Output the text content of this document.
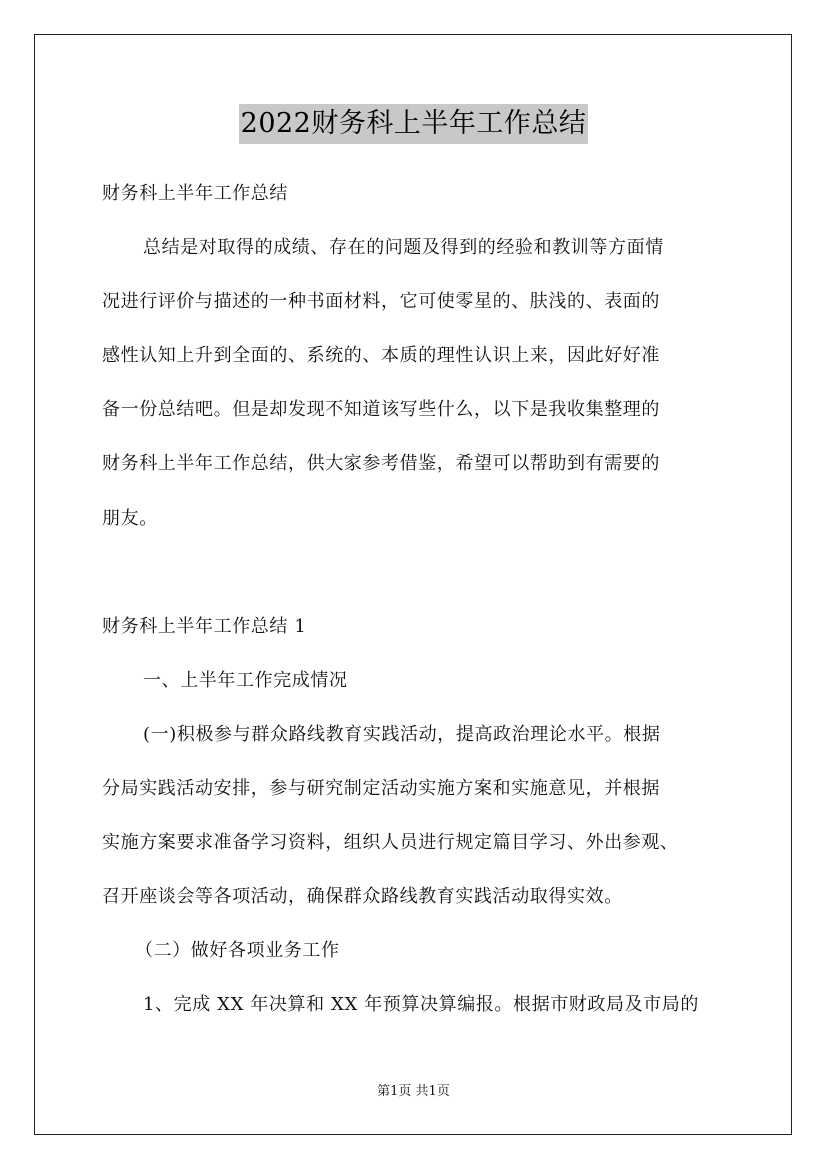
2022财务科上半年工作总结
财务科上半年工作总结
总结是对取得的成绩、存在的问题及得到的经验和教训等方面情
况进行评价与描述的一种书面材料，它可使零星的、肤浅的、表面的
感性认知上升到全面的、系统的、本质的理性认识上来，因此好好准
备一份总结吧。但是却发现不知道该写些什么，以下是我收集整理的
财务科上半年工作总结，供大家参考借鉴，希望可以帮助到有需要的
朋友。
财务科上半年工作总结 1
一、上半年工作完成情况
(一)积极参与群众路线教育实践活动，提高政治理论水平。根据
分局实践活动安排，参与研究制定活动实施方案和实施意见，并根据
实施方案要求准备学习资料，组织人员进行规定篇目学习、外出参观、
召开座谈会等各项活动，确保群众路线教育实践活动取得实效。
（二）做好各项业务工作
1、完成 XX 年决算和 XX 年预算决算编报。根据市财政局及市局的
第1页 共1页
